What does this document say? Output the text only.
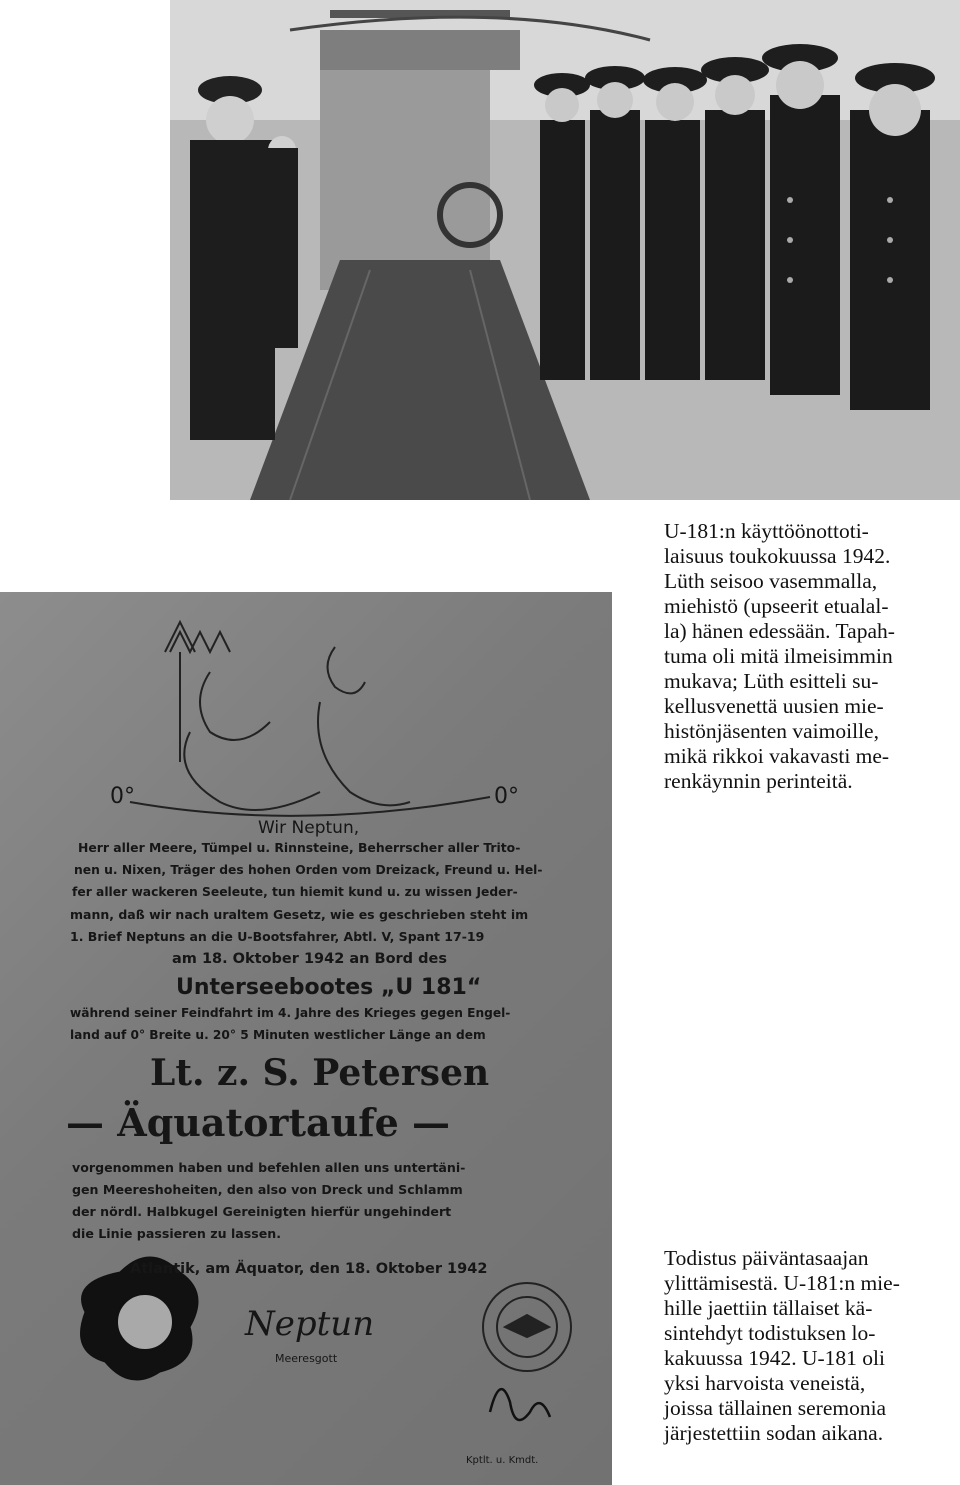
U-181:n käyttöönottoti-
laisuus toukokuussa 1942.
Lüth seisoo vasemmalla,
miehistö (upseerit etualal-
la) hänen edessään. Tapah-
tuma oli mitä ilmeisimmin
mukava; Lüth esitteli su-
kellusvenettä uusien mie-
histönjäsenten vaimoille,
mikä rikkoi vakavasti me-
renkäynnin perinteitä.
0°	0°
Wir Neptun,
Herr aller Meere, Tümpel u. Rinnsteine, Beherrscher aller Trito-
nen u. Nixen, Träger des hohen Orden vom Dreizack, Freund u. Hel-
fer aller wackeren Seeleute, tun hiemit kund u. zu wissen Jeder-
mann, daß wir nach uraltem Gesetz, wie es geschrieben steht im
1. Brief Neptuns an die U-Bootsfahrer, Abtl. V, Spant 17-19
am 18. Oktober 1942 an Bord des
Unterseebootes „U 181“
während seiner Feindfahrt im 4. Jahre des Krieges gegen Engel-
land auf 0° Breite u. 20° 5 Minuten westlicher Länge an dem
Lt. z. S. Petersen
— Äquatortaufe —
vorgenommen haben und befehlen allen uns untertäni-
gen Meereshoheiten, den also von Dreck und Schlamm
der nördl. Halbkugel Gereinigten hierfür ungehindert
die Linie passieren zu lassen.
Atlantik, am Äquator, den 18. Oktober 1942
Neptun
Meeresgott
Kptlt. u. Kmdt.
Todistus päiväntasaajan
ylittämisestä. U-181:n mie-
hille jaettiin tällaiset kä-
sintehdyt todistuksen lo-
kakuussa 1942. U-181 oli
yksi harvoista veneistä,
joissa tällainen seremonia
järjestettiin sodan aikana.
